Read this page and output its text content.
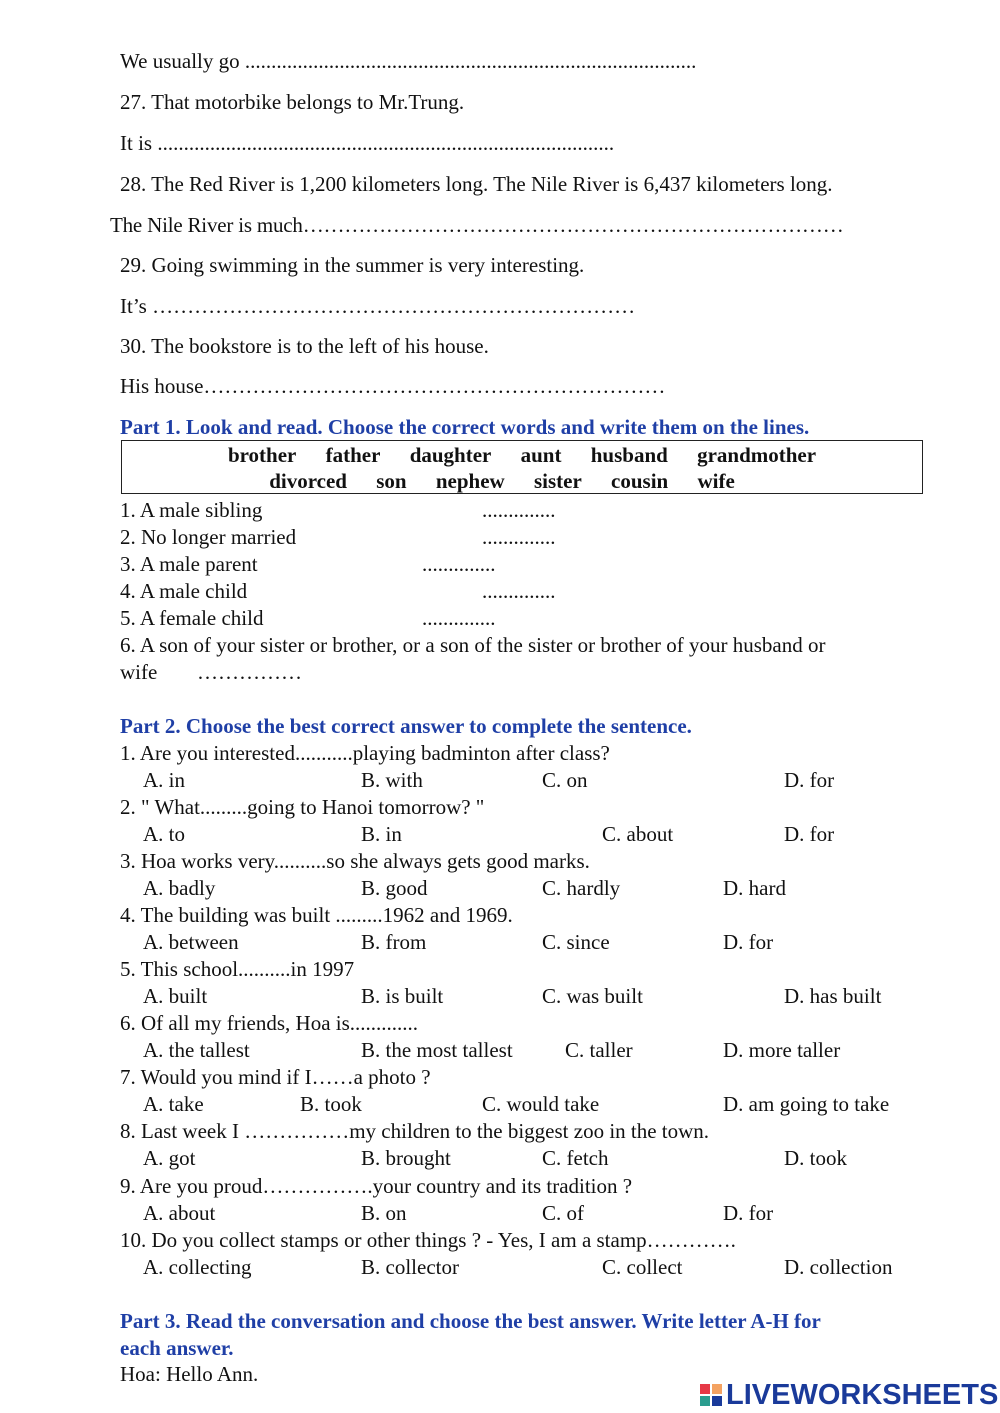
We usually go ......................................................................................
27. That motorbike belongs to Mr.Trung.
It is .......................................................................................
28. The Red River is 1,200 kilometers long. The Nile River is 6,437 kilometers long.
The Nile River is much……………………………………………………………………
29. Going swimming in the summer is very interesting.
It’s ……………………………………………………………
30. The bookstore is to the left of his house.
His house…………………………………………………………
Part 1. Look and read. Choose the correct words and write them on the lines.
brother father daughter aunt husband grandmother
divorced son nephew sister cousin wife
1. A male sibling	..............
2. No longer married	..............
3. A male parent	..............
4. A male child	..............
5. A female child	..............
6. A son of your sister or brother, or a son of the sister or brother of your husband or
wife ……………
Part 2. Choose the best correct answer to complete the sentence.
1. Are you interested...........playing badminton after class?
A. in	B. with	C. on	D. for
2. " What.........going to Hanoi tomorrow? "
A. to	B. in	C. about	D. for
3. Hoa works very..........so she always gets good marks.
A. badly	B. good	C. hardly	D. hard
4. The building was built .........1962 and 1969.
A. between	B. from	C. since	D. for
5. This school..........in 1997
A. built	B. is built	C. was built	D. has built
6. Of all my friends, Hoa is.............
A. the tallest	B. the most tallest C. taller	D. more taller
7. Would you mind if I……a photo ?
A. take	B. took	C. would take	D. am going to take
8. Last week I ……………my children to the biggest zoo in the town.
A. got	B. brought	C. fetch	D. took
9. Are you proud…………….your country and its tradition ?
A. about	B. on	C. of	D. for
10. Do you collect stamps or other things ? - Yes, I am a stamp………….
A. collecting	B. collector	C. collect	D. collection
Part 3. Read the conversation and choose the best answer. Write letter A-H for
each answer.
Hoa: Hello Ann.
LIVEWORKSHEETS
